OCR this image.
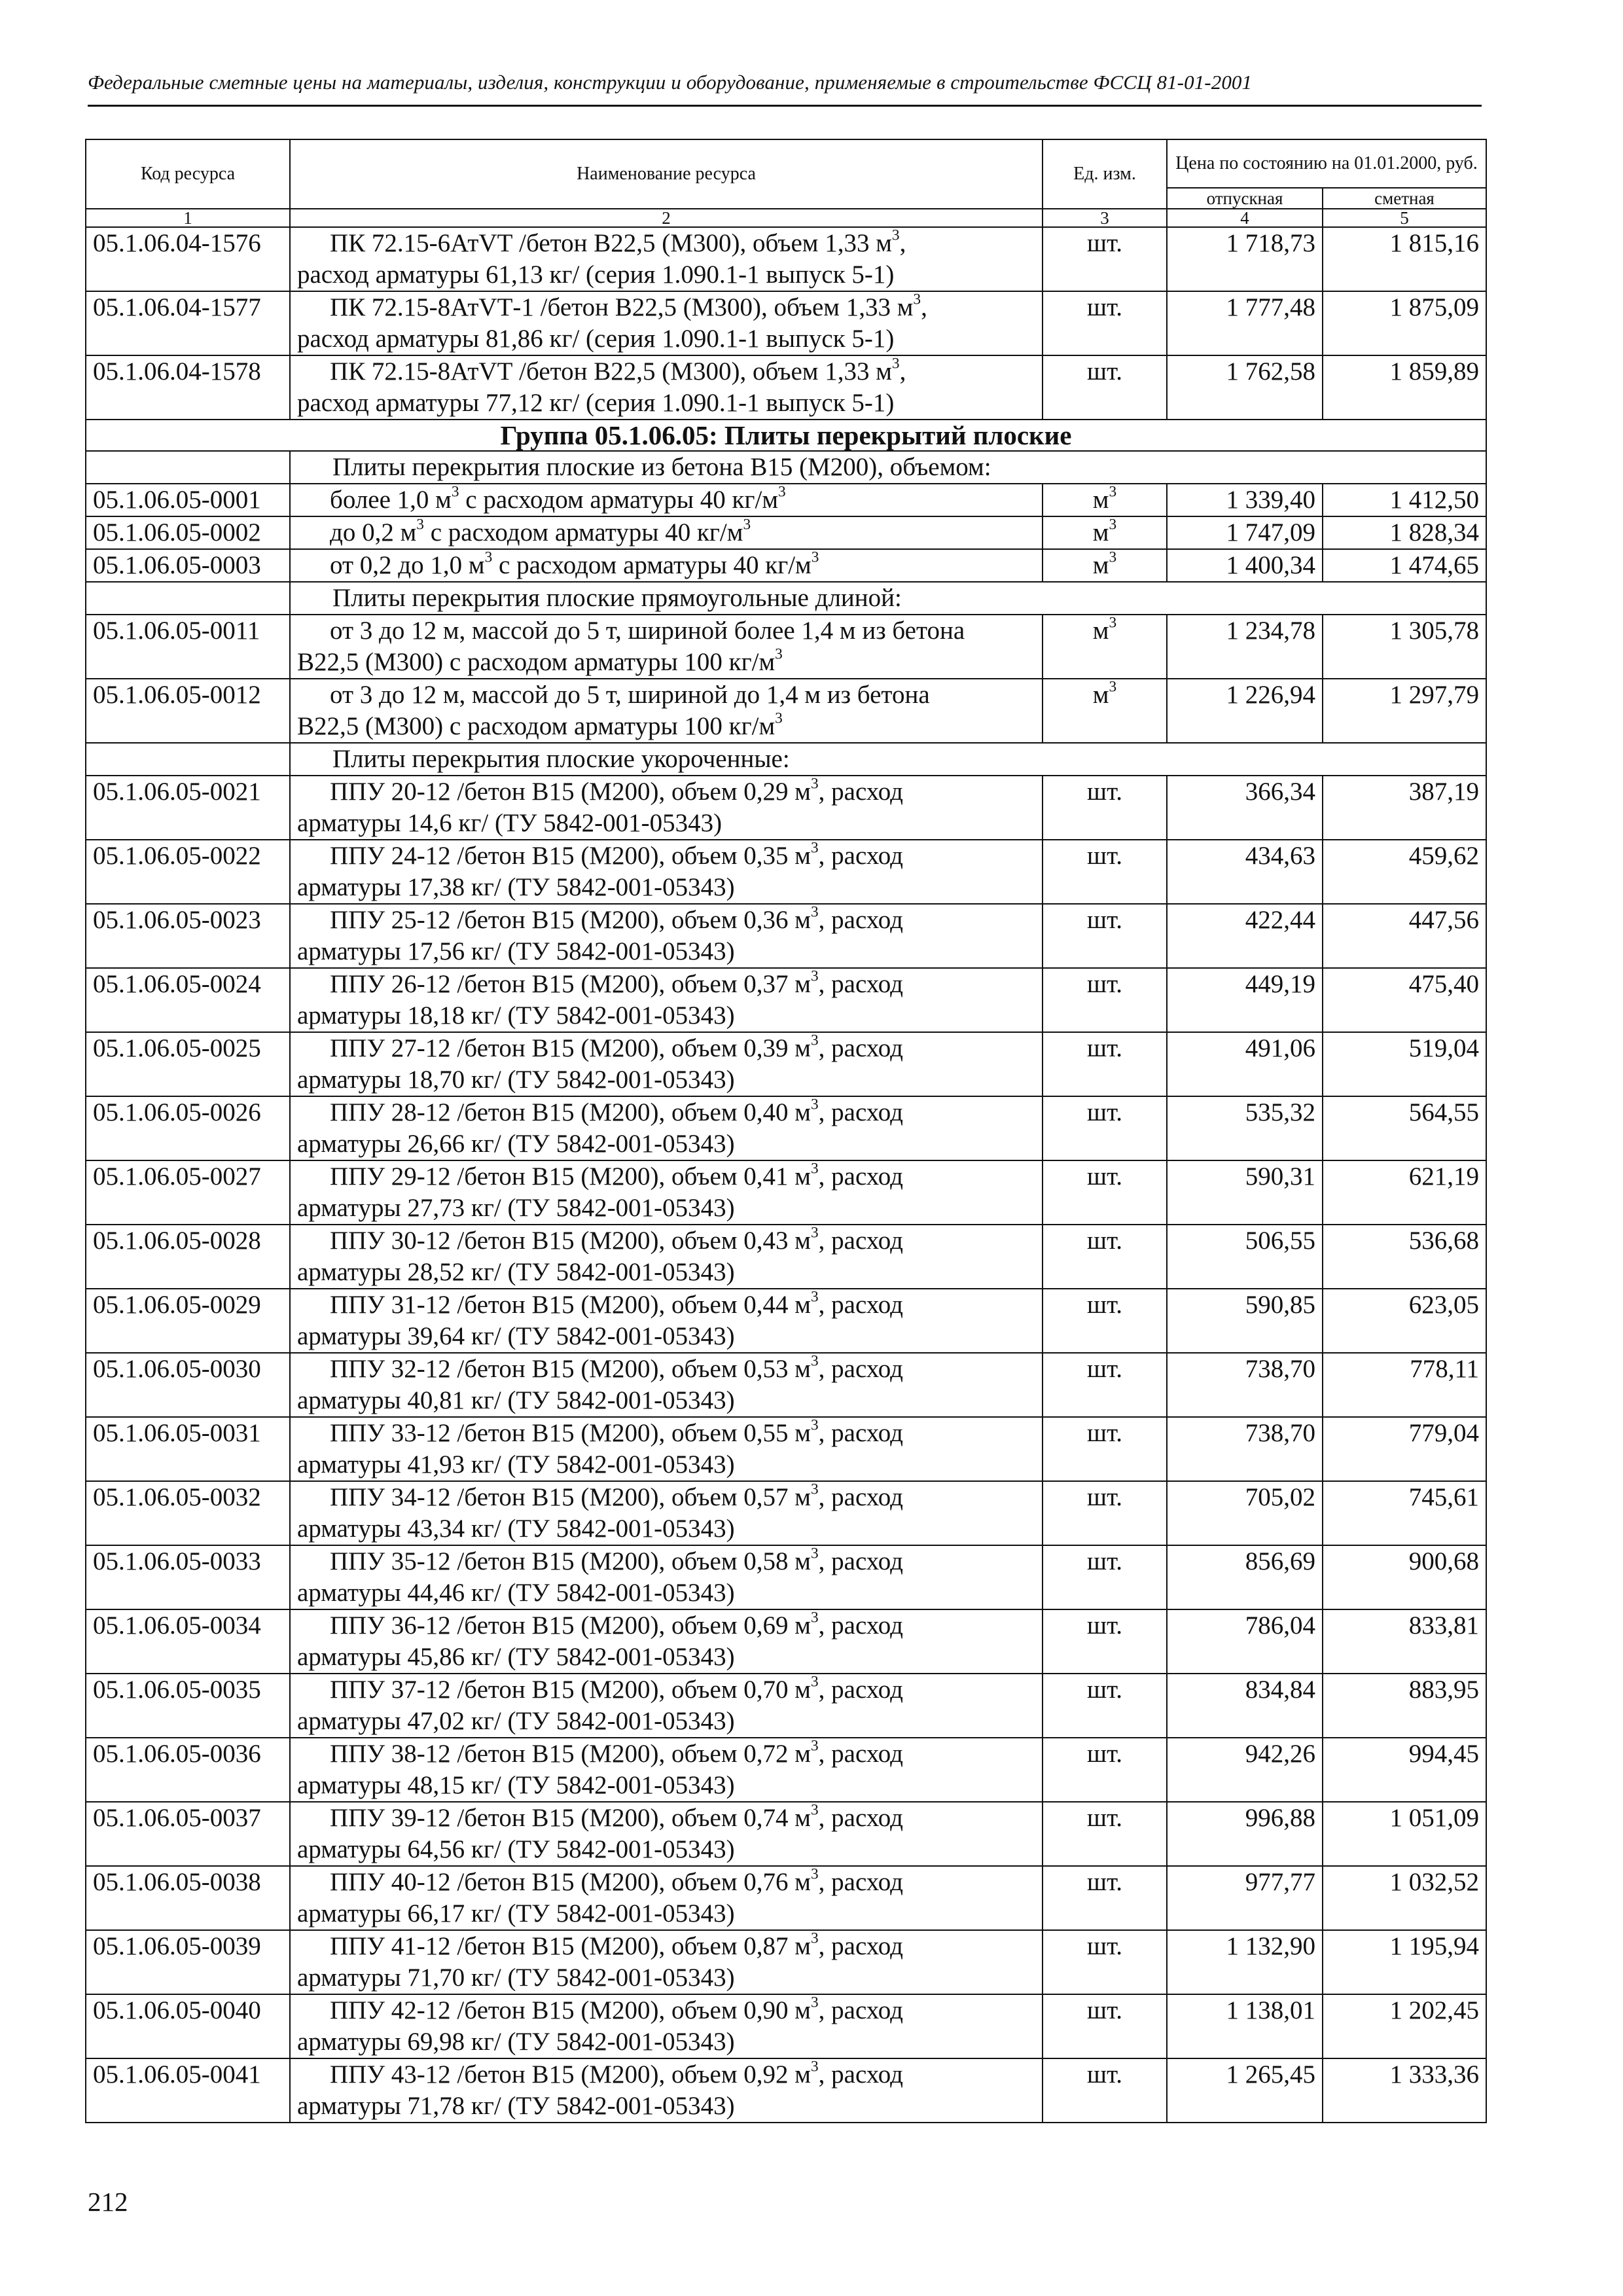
Федеральные сметные цены на материалы, изделия, конструкции и оборудование, применяемые в строительстве ФССЦ 81-01-2001
Код ресурса	Наименование ресурса	Ед. изм.	Цена по состоянию на 01.01.2000, руб.	
			отпускная	сметная
1	2	3	4	5
05.1.06.04-1576	ПК 72.15-6АтVТ /бетон В22,5 (М300), объем 1,33 $м^3$,
расход арматуры 61,13 кг/ (серия 1.090.1-1 выпуск 5-1)	шт.	1 718,73	1 815,16
05.1.06.04-1577	ПК 72.15-8АтVТ-1 /бетон В22,5 (М300), объем 1,33 $м^3$,
расход арматуры 81,86 кг/ (серия 1.090.1-1 выпуск 5-1)	шт.	1 777,48	1 875,09
05.1.06.04-1578	ПК 72.15-8АтVТ /бетон В22,5 (М300), объем 1,33 $м^3$,
расход арматуры 77,12 кг/ (серия 1.090.1-1 выпуск 5-1)	шт.	1 762,58	1 859,89
Группа 05.1.06.05: Плиты перекрытий плоские				
	Плиты перекрытия плоские из бетона В15 (М200), объемом:			
05.1.06.05-0001	более 1,0 $м^3$ с расходом арматуры 40 $кг/м^3$	$м^3$	1 339,40	1 412,50
05.1.06.05-0002	до 0,2 $м^3$ с расходом арматуры 40 $кг/м^3$	$м^3$	1 747,09	1 828,34
05.1.06.05-0003	от 0,2 до 1,0 $м^3$ с расходом арматуры 40 $кг/м^3$	$м^3$	1 400,34	1 474,65
	Плиты перекрытия плоские прямоугольные длиной:			
05.1.06.05-0011	от 3 до 12 м, массой до 5 т, шириной более 1,4 м из бетона
В22,5 (М300) с расходом арматуры 100 $кг/м^3$	$м^3$	1 234,78	1 305,78
05.1.06.05-0012	от 3 до 12 м, массой до 5 т, шириной до 1,4 м из бетона
В22,5 (М300) с расходом арматуры 100 $кг/м^3$	$м^3$	1 226,94	1 297,79
	Плиты перекрытия плоские укороченные:			
05.1.06.05-0021	ППУ 20-12 /бетон В15 (М200), объем 0,29 $м^3$, расход
арматуры 14,6 кг/ (ТУ 5842-001-05343)	шт.	366,34	387,19
05.1.06.05-0022	ППУ 24-12 /бетон В15 (М200), объем 0,35 $м^3$, расход
арматуры 17,38 кг/ (ТУ 5842-001-05343)	шт.	434,63	459,62
05.1.06.05-0023	ППУ 25-12 /бетон В15 (М200), объем 0,36 $м^3$, расход
арматуры 17,56 кг/ (ТУ 5842-001-05343)	шт.	422,44	447,56
05.1.06.05-0024	ППУ 26-12 /бетон В15 (М200), объем 0,37 $м^3$, расход
арматуры 18,18 кг/ (ТУ 5842-001-05343)	шт.	449,19	475,40
05.1.06.05-0025	ППУ 27-12 /бетон В15 (М200), объем 0,39 $м^3$, расход
арматуры 18,70 кг/ (ТУ 5842-001-05343)	шт.	491,06	519,04
05.1.06.05-0026	ППУ 28-12 /бетон В15 (М200), объем 0,40 $м^3$, расход
арматуры 26,66 кг/ (ТУ 5842-001-05343)	шт.	535,32	564,55
05.1.06.05-0027	ППУ 29-12 /бетон В15 (М200), объем 0,41 $м^3$, расход
арматуры 27,73 кг/ (ТУ 5842-001-05343)	шт.	590,31	621,19
05.1.06.05-0028	ППУ 30-12 /бетон В15 (М200), объем 0,43 $м^3$, расход
арматуры 28,52 кг/ (ТУ 5842-001-05343)	шт.	506,55	536,68
05.1.06.05-0029	ППУ 31-12 /бетон В15 (М200), объем 0,44 $м^3$, расход
арматуры 39,64 кг/ (ТУ 5842-001-05343)	шт.	590,85	623,05
05.1.06.05-0030	ППУ 32-12 /бетон В15 (М200), объем 0,53 $м^3$, расход
арматуры 40,81 кг/ (ТУ 5842-001-05343)	шт.	738,70	778,11
05.1.06.05-0031	ППУ 33-12 /бетон В15 (М200), объем 0,55 $м^3$, расход
арматуры 41,93 кг/ (ТУ 5842-001-05343)	шт.	738,70	779,04
05.1.06.05-0032	ППУ 34-12 /бетон В15 (М200), объем 0,57 $м^3$, расход
арматуры 43,34 кг/ (ТУ 5842-001-05343)	шт.	705,02	745,61
05.1.06.05-0033	ППУ 35-12 /бетон В15 (М200), объем 0,58 $м^3$, расход
арматуры 44,46 кг/ (ТУ 5842-001-05343)	шт.	856,69	900,68
05.1.06.05-0034	ППУ 36-12 /бетон В15 (М200), объем 0,69 $м^3$, расход
арматуры 45,86 кг/ (ТУ 5842-001-05343)	шт.	786,04	833,81
05.1.06.05-0035	ППУ 37-12 /бетон В15 (М200), объем 0,70 $м^3$, расход
арматуры 47,02 кг/ (ТУ 5842-001-05343)	шт.	834,84	883,95
05.1.06.05-0036	ППУ 38-12 /бетон В15 (М200), объем 0,72 $м^3$, расход
арматуры 48,15 кг/ (ТУ 5842-001-05343)	шт.	942,26	994,45
05.1.06.05-0037	ППУ 39-12 /бетон В15 (М200), объем 0,74 $м^3$, расход
арматуры 64,56 кг/ (ТУ 5842-001-05343)	шт.	996,88	1 051,09
05.1.06.05-0038	ППУ 40-12 /бетон В15 (М200), объем 0,76 $м^3$, расход
арматуры 66,17 кг/ (ТУ 5842-001-05343)	шт.	977,77	1 032,52
05.1.06.05-0039	ППУ 41-12 /бетон В15 (М200), объем 0,87 $м^3$, расход
арматуры 71,70 кг/ (ТУ 5842-001-05343)	шт.	1 132,90	1 195,94
05.1.06.05-0040	ППУ 42-12 /бетон В15 (М200), объем 0,90 $м^3$, расход
арматуры 69,98 кг/ (ТУ 5842-001-05343)	шт.	1 138,01	1 202,45
05.1.06.05-0041	ППУ 43-12 /бетон В15 (М200), объем 0,92 $м^3$, расход
арматуры 71,78 кг/ (ТУ 5842-001-05343)	шт.	1 265,45	1 333,36
212
